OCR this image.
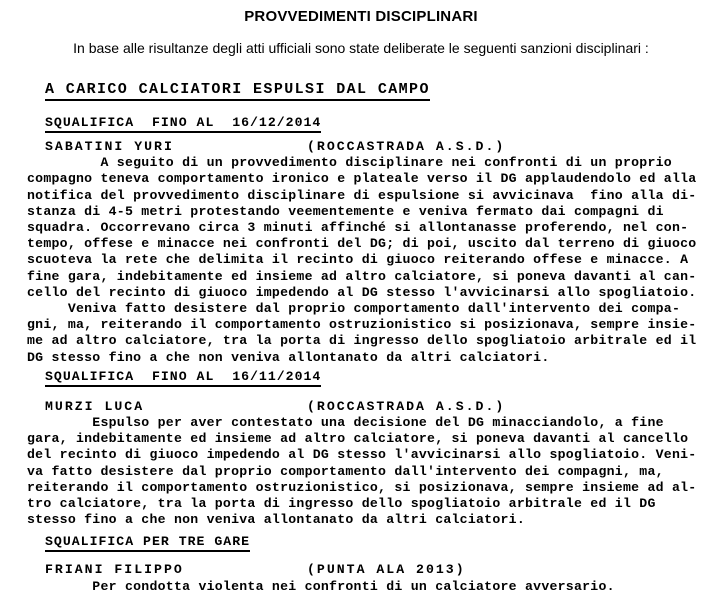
PROVVEDIMENTI DISCIPLINARI
In base alle risultanze degli atti ufficiali sono state deliberate le seguenti sanzioni disciplinari :
A CARICO CALCIATORI ESPULSI DAL CAMPO
SQUALIFICA  FINO AL  16/12/2014
SABATINI YURI	(ROCCASTRADA A.S.D.)
A seguito di un provvedimento disciplinare nei confronti di un proprio
compagno teneva comportamento ironico e plateale verso il DG applaudendolo ed alla
notifica del provvedimento disciplinare di espulsione si avvicinava  fino alla di-
stanza di 4-5 metri protestando veementemente e veniva fermato dai compagni di
squadra. Occorrevano circa 3 minuti affinché si allontanasse proferendo, nel con-
tempo, offese e minacce nei confronti del DG; di poi, uscito dal terreno di giuoco
scuoteva la rete che delimita il recinto di giuoco reiterando offese e minacce. A
fine gara, indebitamente ed insieme ad altro calciatore, si poneva davanti al can-
cello del recinto di giuoco impedendo al DG stesso l'avvicinarsi allo spogliatoio.
Veniva fatto desistere dal proprio comportamento dall'intervento dei compa-
gni, ma, reiterando il comportamento ostruzionistico si posizionava, sempre insie-
me ad altro calciatore, tra la porta di ingresso dello spogliatoio arbitrale ed il
DG stesso fino a che non veniva allontanato da altri calciatori.
SQUALIFICA  FINO AL  16/11/2014
MURZI LUCA	(ROCCASTRADA A.S.D.)
Espulso per aver contestato una decisione del DG minacciandolo, a fine
gara, indebitamente ed insieme ad altro calciatore, si poneva davanti al cancello
del recinto di giuoco impedendo al DG stesso l'avvicinarsi allo spogliatoio. Veni-
va fatto desistere dal proprio comportamento dall'intervento dei compagni, ma,
reiterando il comportamento ostruzionistico, si posizionava, sempre insieme ad al-
tro calciatore, tra la porta di ingresso dello spogliatoio arbitrale ed il DG
stesso fino a che non veniva allontanato da altri calciatori.
SQUALIFICA PER TRE GARE
FRIANI FILIPPO	(PUNTA ALA 2013)
Per condotta violenta nei confronti di un calciatore avversario.
